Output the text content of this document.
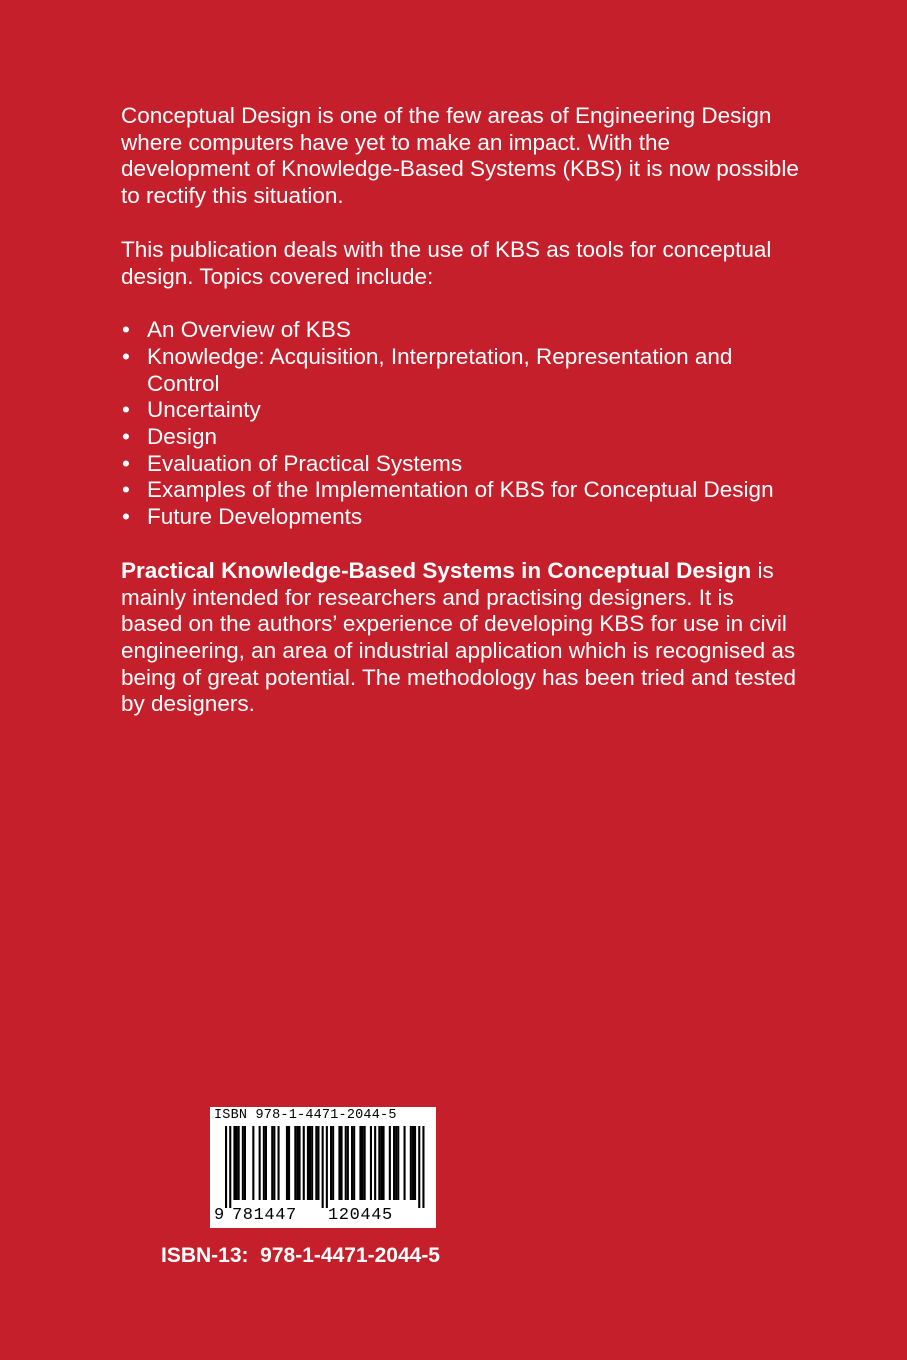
Conceptual Design is one of the few areas of Engineering Design where computers have yet to make an impact. With the development of Knowledge-Based Systems (KBS) it is now possible to rectify this situation.

This publication deals with the use of KBS as tools for conceptual design. Topics covered include:

• An Overview of KBS
• Knowledge: Acquisition, Interpretation, Representation and Control
• Uncertainty
• Design
• Evaluation of Practical Systems
• Examples of the Implementation of KBS for Conceptual Design
• Future Developments

Practical Knowledge-Based Systems in Conceptual Design is mainly intended for researchers and practising designers. It is based on the authors’ experience of developing KBS for use in civil engineering, an area of industrial application which is recognised as being of great potential. The methodology has been tried and tested by designers.

ISBN 978-1-4471-2044-5
9 781447 120445
ISBN-13:  978-1-4471-2044-5
